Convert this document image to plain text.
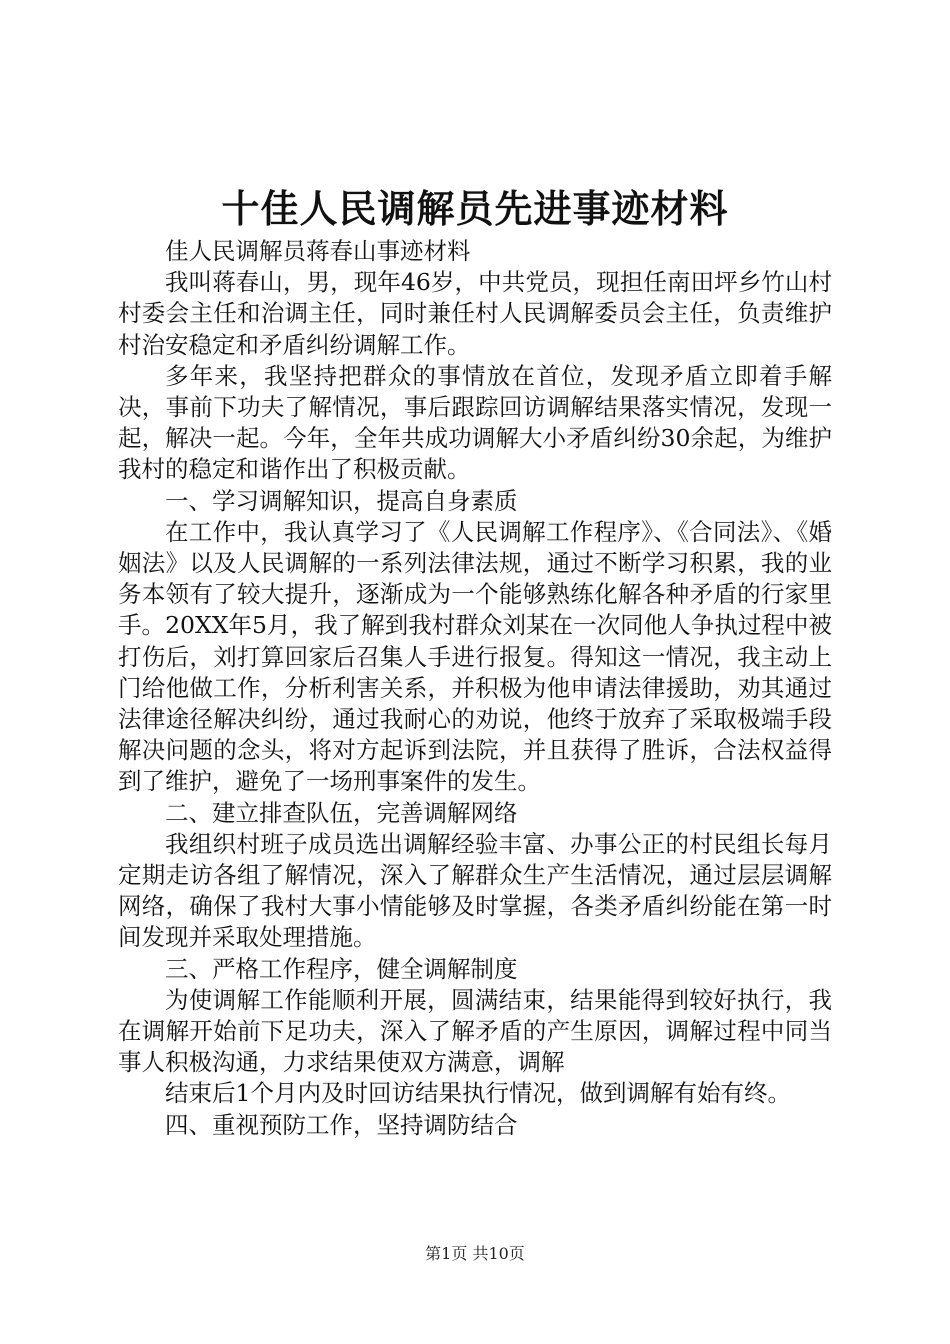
十佳人民调解员先进事迹材料

佳人民调解员蒋春山事迹材料

我叫蒋春山，男，现年46岁，中共党员，现担任南田坪乡竹山村村委会主任和治调主任，同时兼任村人民调解委员会主任，负责维护村治安稳定和矛盾纠纷调解工作。

多年来，我坚持把群众的事情放在首位，发现矛盾立即着手解决，事前下功夫了解情况，事后跟踪回访调解结果落实情况，发现一起，解决一起。今年，全年共成功调解大小矛盾纠纷30余起，为维护我村的稳定和谐作出了积极贡献。

一、学习调解知识，提高自身素质

在工作中，我认真学习了《人民调解工作程序》、《合同法》、《婚姻法》以及人民调解的一系列法律法规，通过不断学习积累，我的业务本领有了较大提升，逐渐成为一个能够熟练化解各种矛盾的行家里手。20XX年5月，我了解到我村群众刘某在一次同他人争执过程中被打伤后，刘打算回家后召集人手进行报复。得知这一情况，我主动上门给他做工作，分析利害关系，并积极为他申请法律援助，劝其通过法律途径解决纠纷，通过我耐心的劝说，他终于放弃了采取极端手段解决问题的念头，将对方起诉到法院，并且获得了胜诉，合法权益得到了维护，避免了一场刑事案件的发生。

二、建立排查队伍，完善调解网络

我组织村班子成员选出调解经验丰富、办事公正的村民组长每月定期走访各组了解情况，深入了解群众生产生活情况，通过层层调解网络，确保了我村大事小情能够及时掌握，各类矛盾纠纷能在第一时间发现并采取处理措施。

三、严格工作程序，健全调解制度

为使调解工作能顺利开展，圆满结束，结果能得到较好执行，我在调解开始前下足功夫，深入了解矛盾的产生原因，调解过程中同当事人积极沟通，力求结果使双方满意，调解

结束后1个月内及时回访结果执行情况，做到调解有始有终。

四、重视预防工作，坚持调防结合

第1页 共10页
